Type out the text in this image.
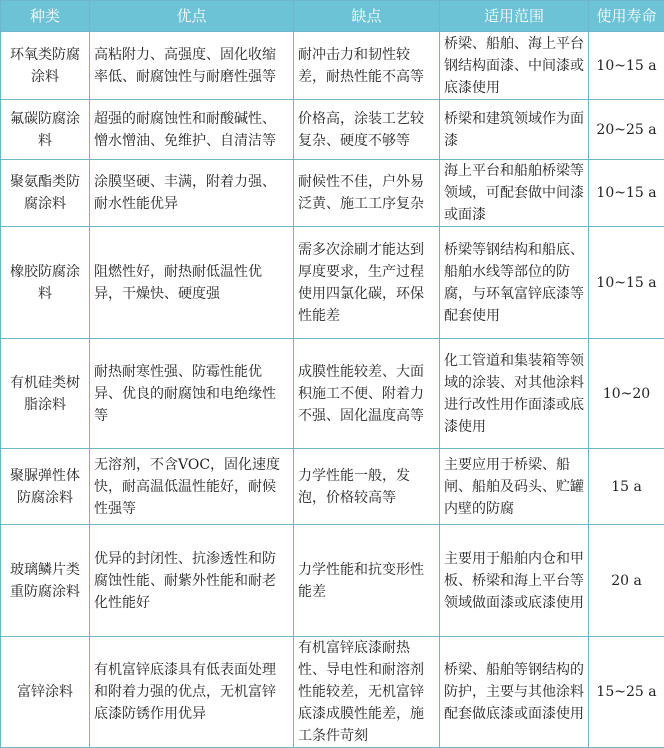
种类	优点	缺点	适用范围	使用寿命
环氧类防腐涂料	高粘附力、高强度、固化收缩率低、耐腐蚀性与耐磨性强等	耐冲击力和韧性较差，耐热性能不高等	桥梁、船舶、海上平台钢结构面漆、中间漆或底漆使用	10~15 a
氟碳防腐涂料	超强的耐腐蚀性和耐酸碱性、憎水憎油、免维护、自清洁等	价格高，涂装工艺较复杂、硬度不够等	桥梁和建筑领域作为面漆	20~25 a
聚氨酯类防腐涂料	涂膜坚硬、丰满，附着力强、耐水性能优异	耐候性不佳，户外易泛黄、施工工序复杂	海上平台和船舶桥梁等领域，可配套做中间漆或面漆	10~15 a
橡胶防腐涂料	阻燃性好，耐热耐低温性优异，干燥快、硬度强	需多次涂刷才能达到厚度要求，生产过程使用四氯化碳，环保性能差	桥梁等钢结构和船底、船舶水线等部位的防腐，与环氧富锌底漆等配套使用	10~15 a
有机硅类树脂涂料	耐热耐寒性强、防霉性能优异、优良的耐腐蚀和电绝缘性等	成膜性能较差、大面积施工不便、附着力不强、固化温度高等	化工管道和集装箱等领域的涂装、对其他涂料进行改性用作面漆或底漆使用	10~20
聚脲弹性体防腐涂料	无溶剂，不含VOC，固化速度快，耐高温低温性能好，耐候性强等	力学性能一般，发泡，价格较高等	主要应用于桥梁、船闸、船舶及码头、贮罐内壁的防腐	15 a
玻璃鳞片类重防腐涂料	优异的封闭性、抗渗透性和防腐蚀性能、耐紫外性能和耐老化性能好	力学性能和抗变形性能差	主要用于船舶内仓和甲板、桥梁和海上平台等领域做面漆或底漆使用	20 a
富锌涂料	有机富锌底漆具有低表面处理和附着力强的优点，无机富锌底漆防锈作用优异	有机富锌底漆耐热性、导电性和耐溶剂性能较差，无机富锌底漆成膜性能差，施工条件苛刻	桥梁、船舶等钢结构的防护，主要与其他涂料配套做底漆或面漆使用	15~25 a
